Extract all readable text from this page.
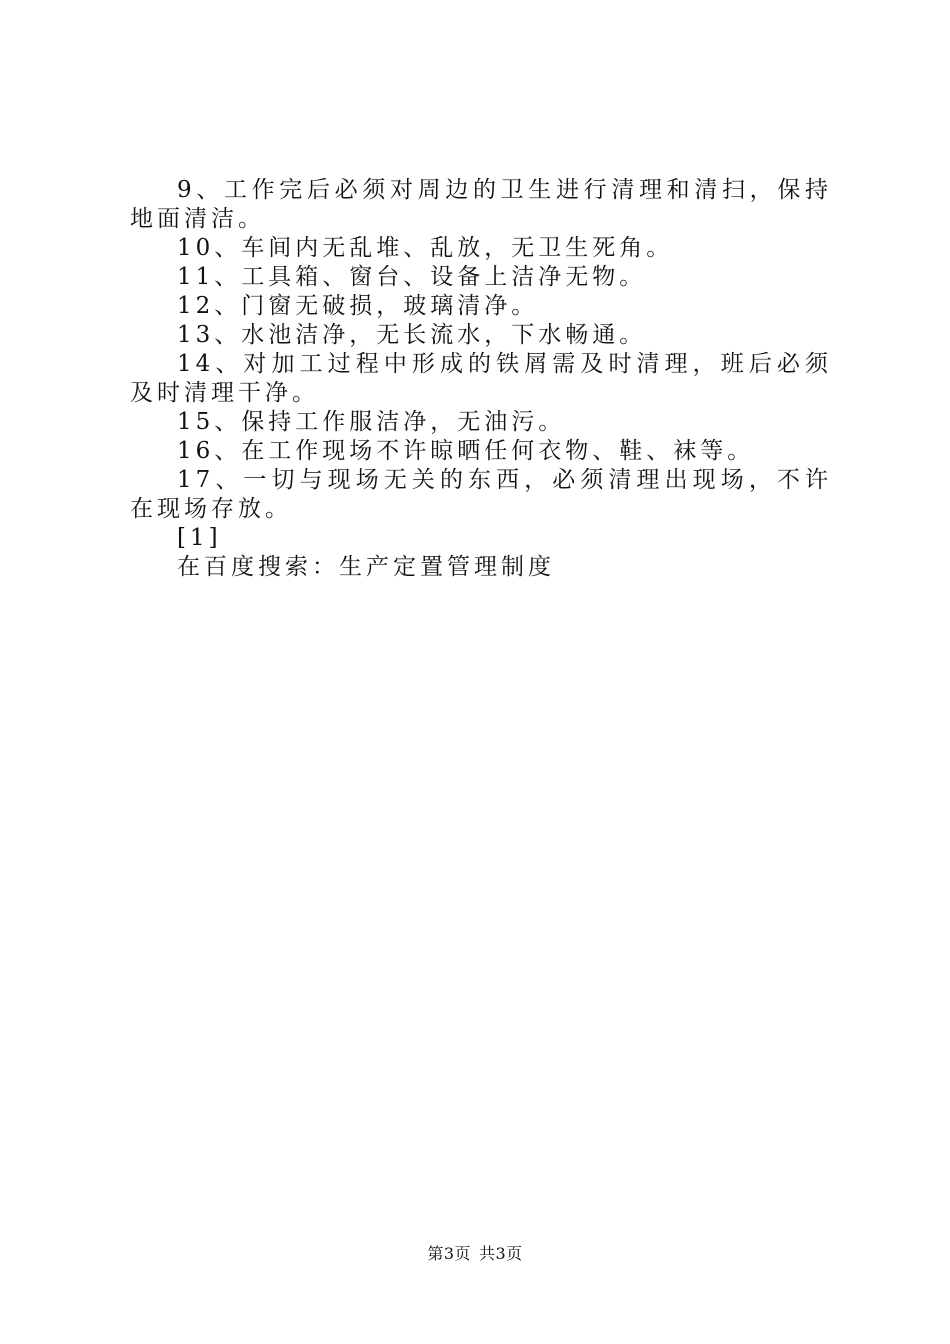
9、工作完后必须对周边的卫生进行清理和清扫，保持地面清洁。

10、车间内无乱堆、乱放，无卫生死角。

11、工具箱、窗台、设备上洁净无物。

12、门窗无破损，玻璃清净。

13、水池洁净，无长流水，下水畅通。

14、对加工过程中形成的铁屑需及时清理，班后必须及时清理干净。

15、保持工作服洁净，无油污。

16、在工作现场不许晾晒任何衣物、鞋、袜等。

17、一切与现场无关的东西，必须清理出现场，不许在现场存放。

[1]

在百度搜索：生产定置管理制度

第3页 共3页
